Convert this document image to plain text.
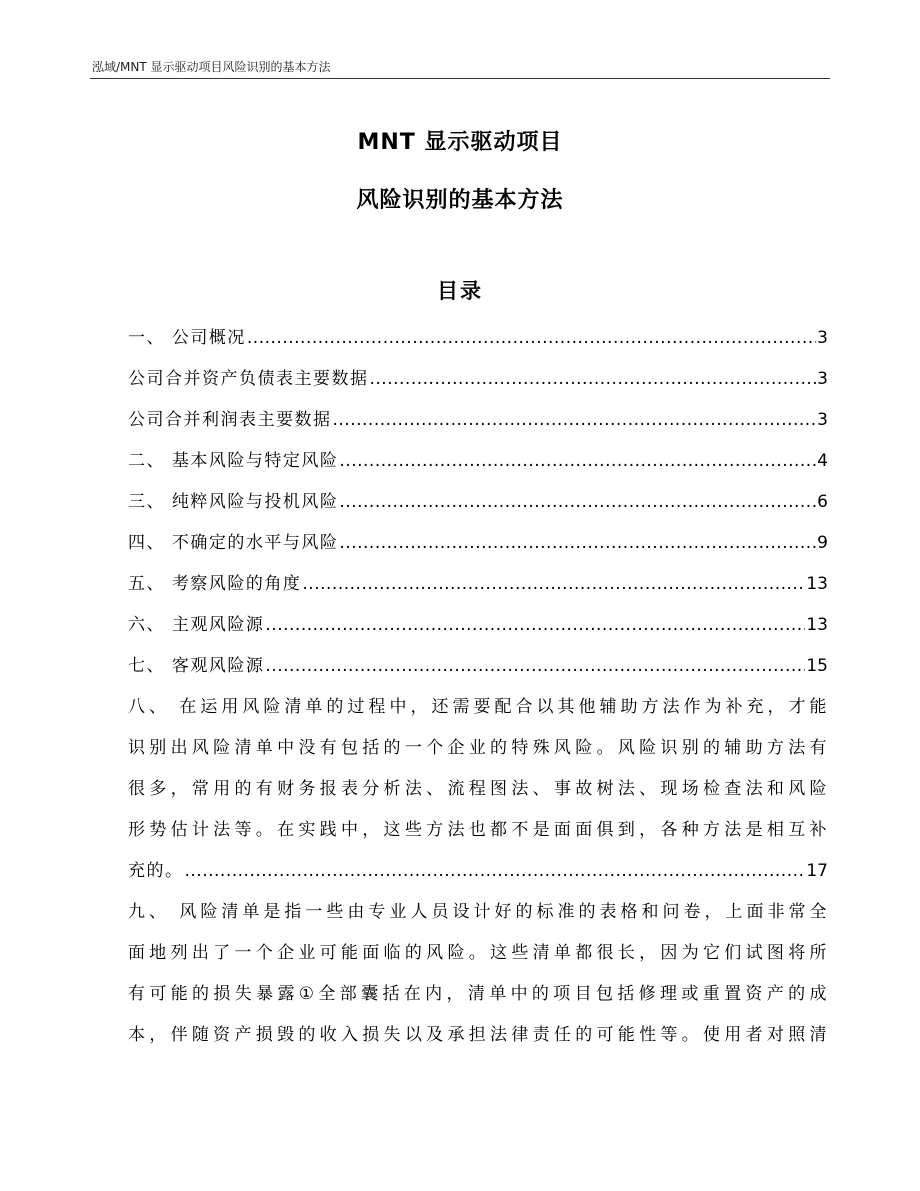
泓域/MNT 显示驱动项目风险识别的基本方法
MNT 显示驱动项目
风险识别的基本方法
目录
一、 公司概况 .....	3
公司合并资产负债表主要数据 .....	3
公司合并利润表主要数据 .....	3
二、 基本风险与特定风险 .....	4
三、 纯粹风险与投机风险 .....	6
四、 不确定的水平与风险 .....	9
五、 考察风险的角度 .....	13
六、 主观风险源 .....	13
七、 客观风险源 .....	15
八、 在运用风险清单的过程中，还需要配合以其他辅助方法作为补充，才能
识别出风险清单中没有包括的一个企业的特殊风险。风险识别的辅助方法有
很多，常用的有财务报表分析法、流程图法、事故树法、现场检查法和风险
形势估计法等。在实践中，这些方法也都不是面面俱到，各种方法是相互补
充的。 .....	17
九、 风险清单是指一些由专业人员设计好的标准的表格和问卷，上面非常全
面地列出了一个企业可能面临的风险。这些清单都很长，因为它们试图将所
有可能的损失暴露①全部囊括在内，清单中的项目包括修理或重置资产的成
本，伴随资产损毁的收入损失以及承担法律责任的可能性等。使用者对照清
